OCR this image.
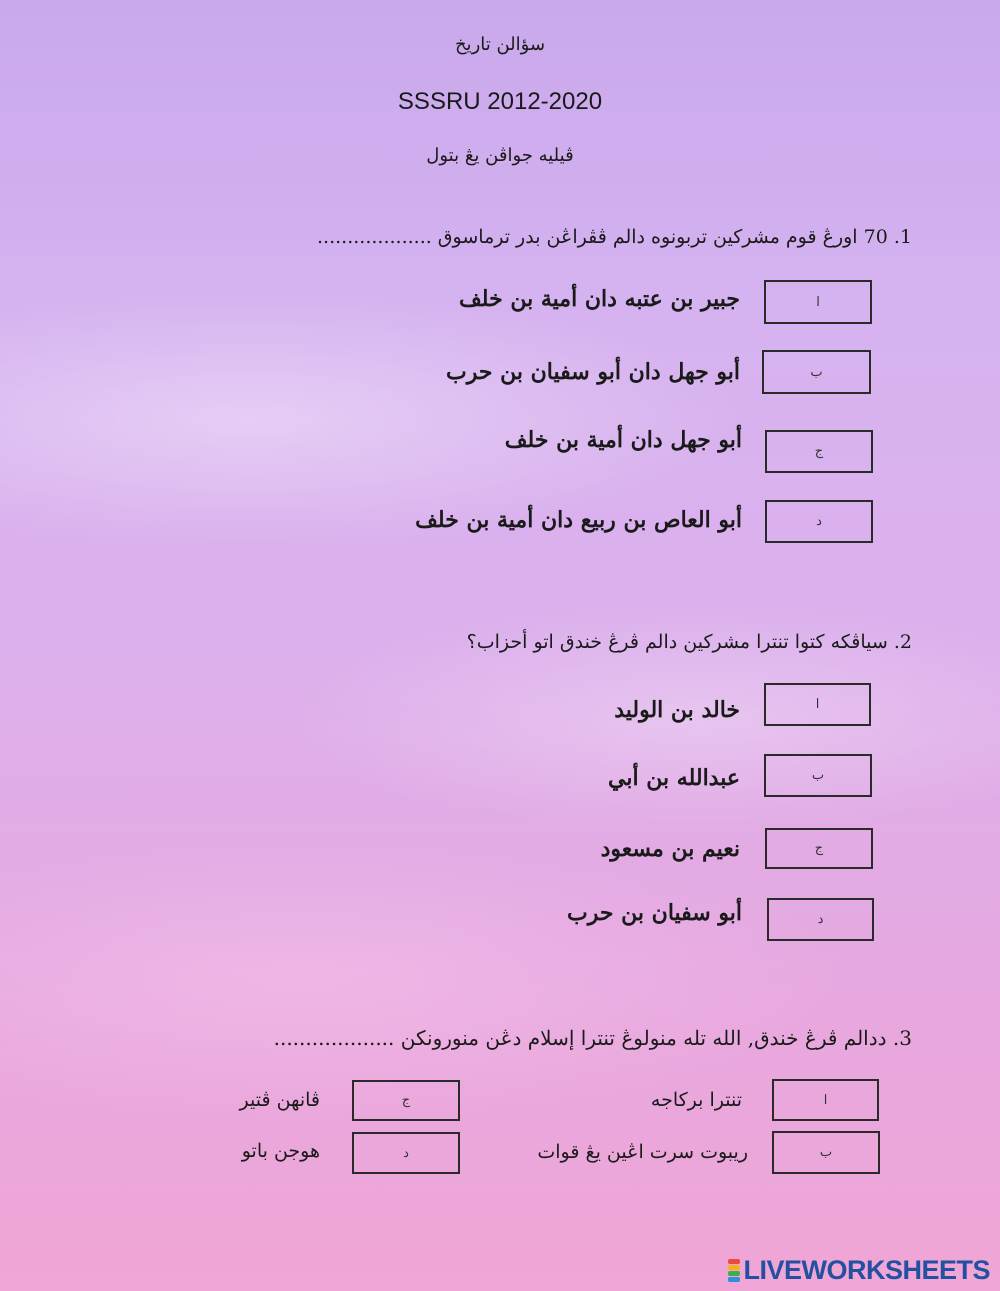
سؤالن تاريخ
SSSRU 2012-2020
ڤيليه جواڤن يڠ بتول
1. 70 اورڠ قوم مشركين تربونوه دالم ڤڤراڠن بدر ترماسوق ...................
ا
جبير بن عتبه دان أمية بن خلف
ب
أبو جهل دان أبو سفيان بن حرب
ج
أبو جهل دان أمية بن خلف
د
أبو العاص بن ربيع دان أمية بن خلف
2. سياڤكه كتوا تنترا مشركين دالم ڤرڠ خندق اتو أحزاب؟
ا
خالد بن الوليد
ب
عبدالله بن أبي
ج
نعيم بن مسعود
د
أبو سفيان بن حرب
3. ددالم ڤرڠ خندق, الله تله منولوڠ تنترا إسلام دڠن منورونكن ...................
ا
تنترا بركاجه
ب
ريبوت سرت اڠين يڠ قوات
ج
ڤانهن ڤتير
د
هوجن باتو
LIVEWORKSHEETS
